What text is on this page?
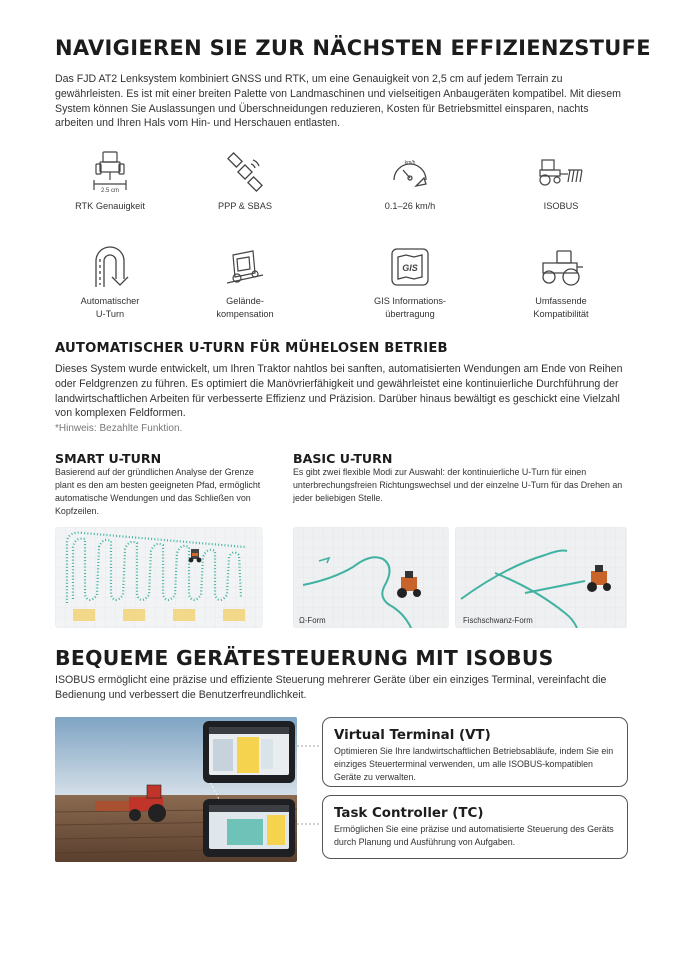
NAVIGIEREN SIE ZUR NÄCHSTEN EFFIZIENZSTUFE
Das FJD AT2 Lenksystem kombiniert GNSS und RTK, um eine Genauigkeit von 2,5 cm auf jedem Terrain zu gewährleisten. Es ist mit einer breiten Palette von Landmaschinen und vielseitigen Anbaugeräten kompatibel. Mit diesem System können Sie Auslassungen und Überschneidungen reduzieren, Kosten für Betriebsmittel einsparen, nachts arbeiten und Ihren Hals vom Hin- und Herschauen entlasten.
2.5 cm
RTK Genauigkeit	PPP & SBAS
km/h
0.1–26 km/h	ISOBUS
Automatischer
U-Turn
Gelände-
kompensation
GIS
GIS Informations-
übertragung
Umfassende
Kompatibilität
AUTOMATISCHER U-TURN FÜR MÜHELOSEN BETRIEB
Dieses System wurde entwickelt, um Ihren Traktor nahtlos bei sanften, automatisierten Wendungen am Ende von Reihen oder Feldgrenzen zu führen. Es optimiert die Manövrierfähigkeit und gewährleistet eine kontinuierliche Durchführung der landwirtschaftlichen Arbeiten für verbesserte Effizienz und Präzision. Darüber hinaus bewältigt es geschickt eine Vielzahl von komplexen Feldformen.
*Hinweis: Bezahlte Funktion.
SMART U-TURN
Basierend auf der gründlichen Analyse der Grenze plant es den am besten geeigneten Pfad, ermöglicht automatische Wendungen und das Schließen von Kopfzeilen.
BASIC U-TURN
Es gibt zwei flexible Modi zur Auswahl: der kontinuierliche U-Turn für einen unterbrechungsfreien Richtungswechsel und der einzelne U-Turn für das Drehen an jeder beliebigen Stelle.
Ω-Form	Fischschwanz-Form
BEQUEME GERÄTESTEUERUNG MIT ISOBUS
ISOBUS ermöglicht eine präzise und effiziente Steuerung mehrerer Geräte über ein einziges Terminal, vereinfacht die Bedienung und verbessert die Benutzerfreundlichkeit.
Virtual Terminal (VT)
Optimieren Sie Ihre landwirtschaftlichen Betriebsabläufe, indem Sie ein einziges Steuerterminal verwenden, um alle ISOBUS-kompatiblen Geräte zu verwalten.
Task Controller (TC)
Ermöglichen Sie eine präzise und automatisierte Steuerung des Geräts durch Planung und Ausführung von Aufgaben.
